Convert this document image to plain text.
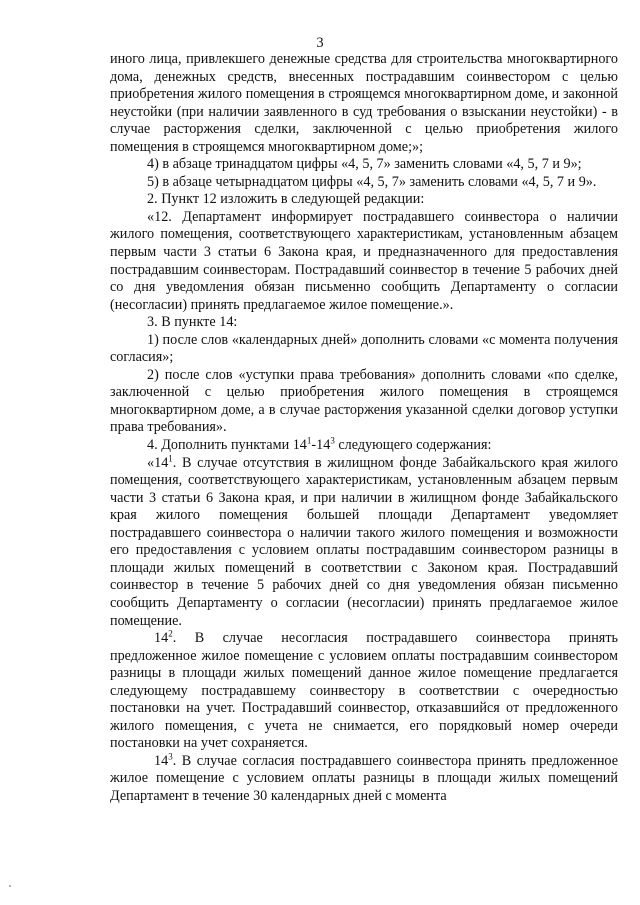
3

иного лица, привлекшего денежные средства для строительства многоквартирного дома, денежных средств, внесенных пострадавшим соинвестором с целью приобретения жилого помещения в строящемся многоквартирном доме, и законной неустойки (при наличии заявленного в суд требования о взыскании неустойки) - в случае расторжения сделки, заключенной с целью приобретения жилого помещения в строящемся многоквартирном доме;»;

4) в абзаце тринадцатом цифры «4, 5, 7» заменить словами «4, 5, 7 и 9»;

5) в абзаце четырнадцатом цифры «4, 5, 7» заменить словами «4, 5, 7 и 9».

2. Пункт 12 изложить в следующей редакции:

«12. Департамент информирует пострадавшего соинвестора о наличии жилого помещения, соответствующего характеристикам, установленным абзацем первым части 3 статьи 6 Закона края, и предназначенного для предоставления пострадавшим соинвесторам. Пострадавший соинвестор в течение 5 рабочих дней со дня уведомления обязан письменно сообщить Департаменту о согласии (несогласии) принять предлагаемое жилое помещение.».

3. В пункте 14:

1) после слов «календарных дней» дополнить словами «с момента получения согласия»;

2) после слов «уступки права требования» дополнить словами «по сделке, заключенной с целью приобретения жилого помещения в строящемся многоквартирном доме, а в случае расторжения указанной сделки договор уступки права требования».

4. Дополнить пунктами $14^1-14^3$ следующего содержания:

«$14^1$. В случае отсутствия в жилищном фонде Забайкальского края жилого помещения, соответствующего характеристикам, установленным абзацем первым части 3 статьи 6 Закона края, и при наличии в жилищном фонде Забайкальского края жилого помещения большей площади Департамент уведомляет пострадавшего соинвестора о наличии такого жилого помещения и возможности его предоставления с условием оплаты пострадавшим соинвестором разницы в площади жилых помещений в соответствии с Законом края. Пострадавший соинвестор в течение 5 рабочих дней со дня уведомления обязан письменно сообщить Департаменту о согласии (несогласии) принять предлагаемое жилое помещение.

$14^2$. В случае несогласия пострадавшего соинвестора принять предложенное жилое помещение с условием оплаты пострадавшим соинвестором разницы в площади жилых помещений данное жилое помещение предлагается следующему пострадавшему соинвестору в соответствии с очередностью постановки на учет. Пострадавший соинвестор, отказавшийся от предложенного жилого помещения, с учета не снимается, его порядковый номер очереди постановки на учет сохраняется.

$14^3$. В случае согласия пострадавшего соинвестора принять предложенное жилое помещение с условием оплаты разницы в площади жилых помещений Департамент в течение 30 календарных дней с момента
